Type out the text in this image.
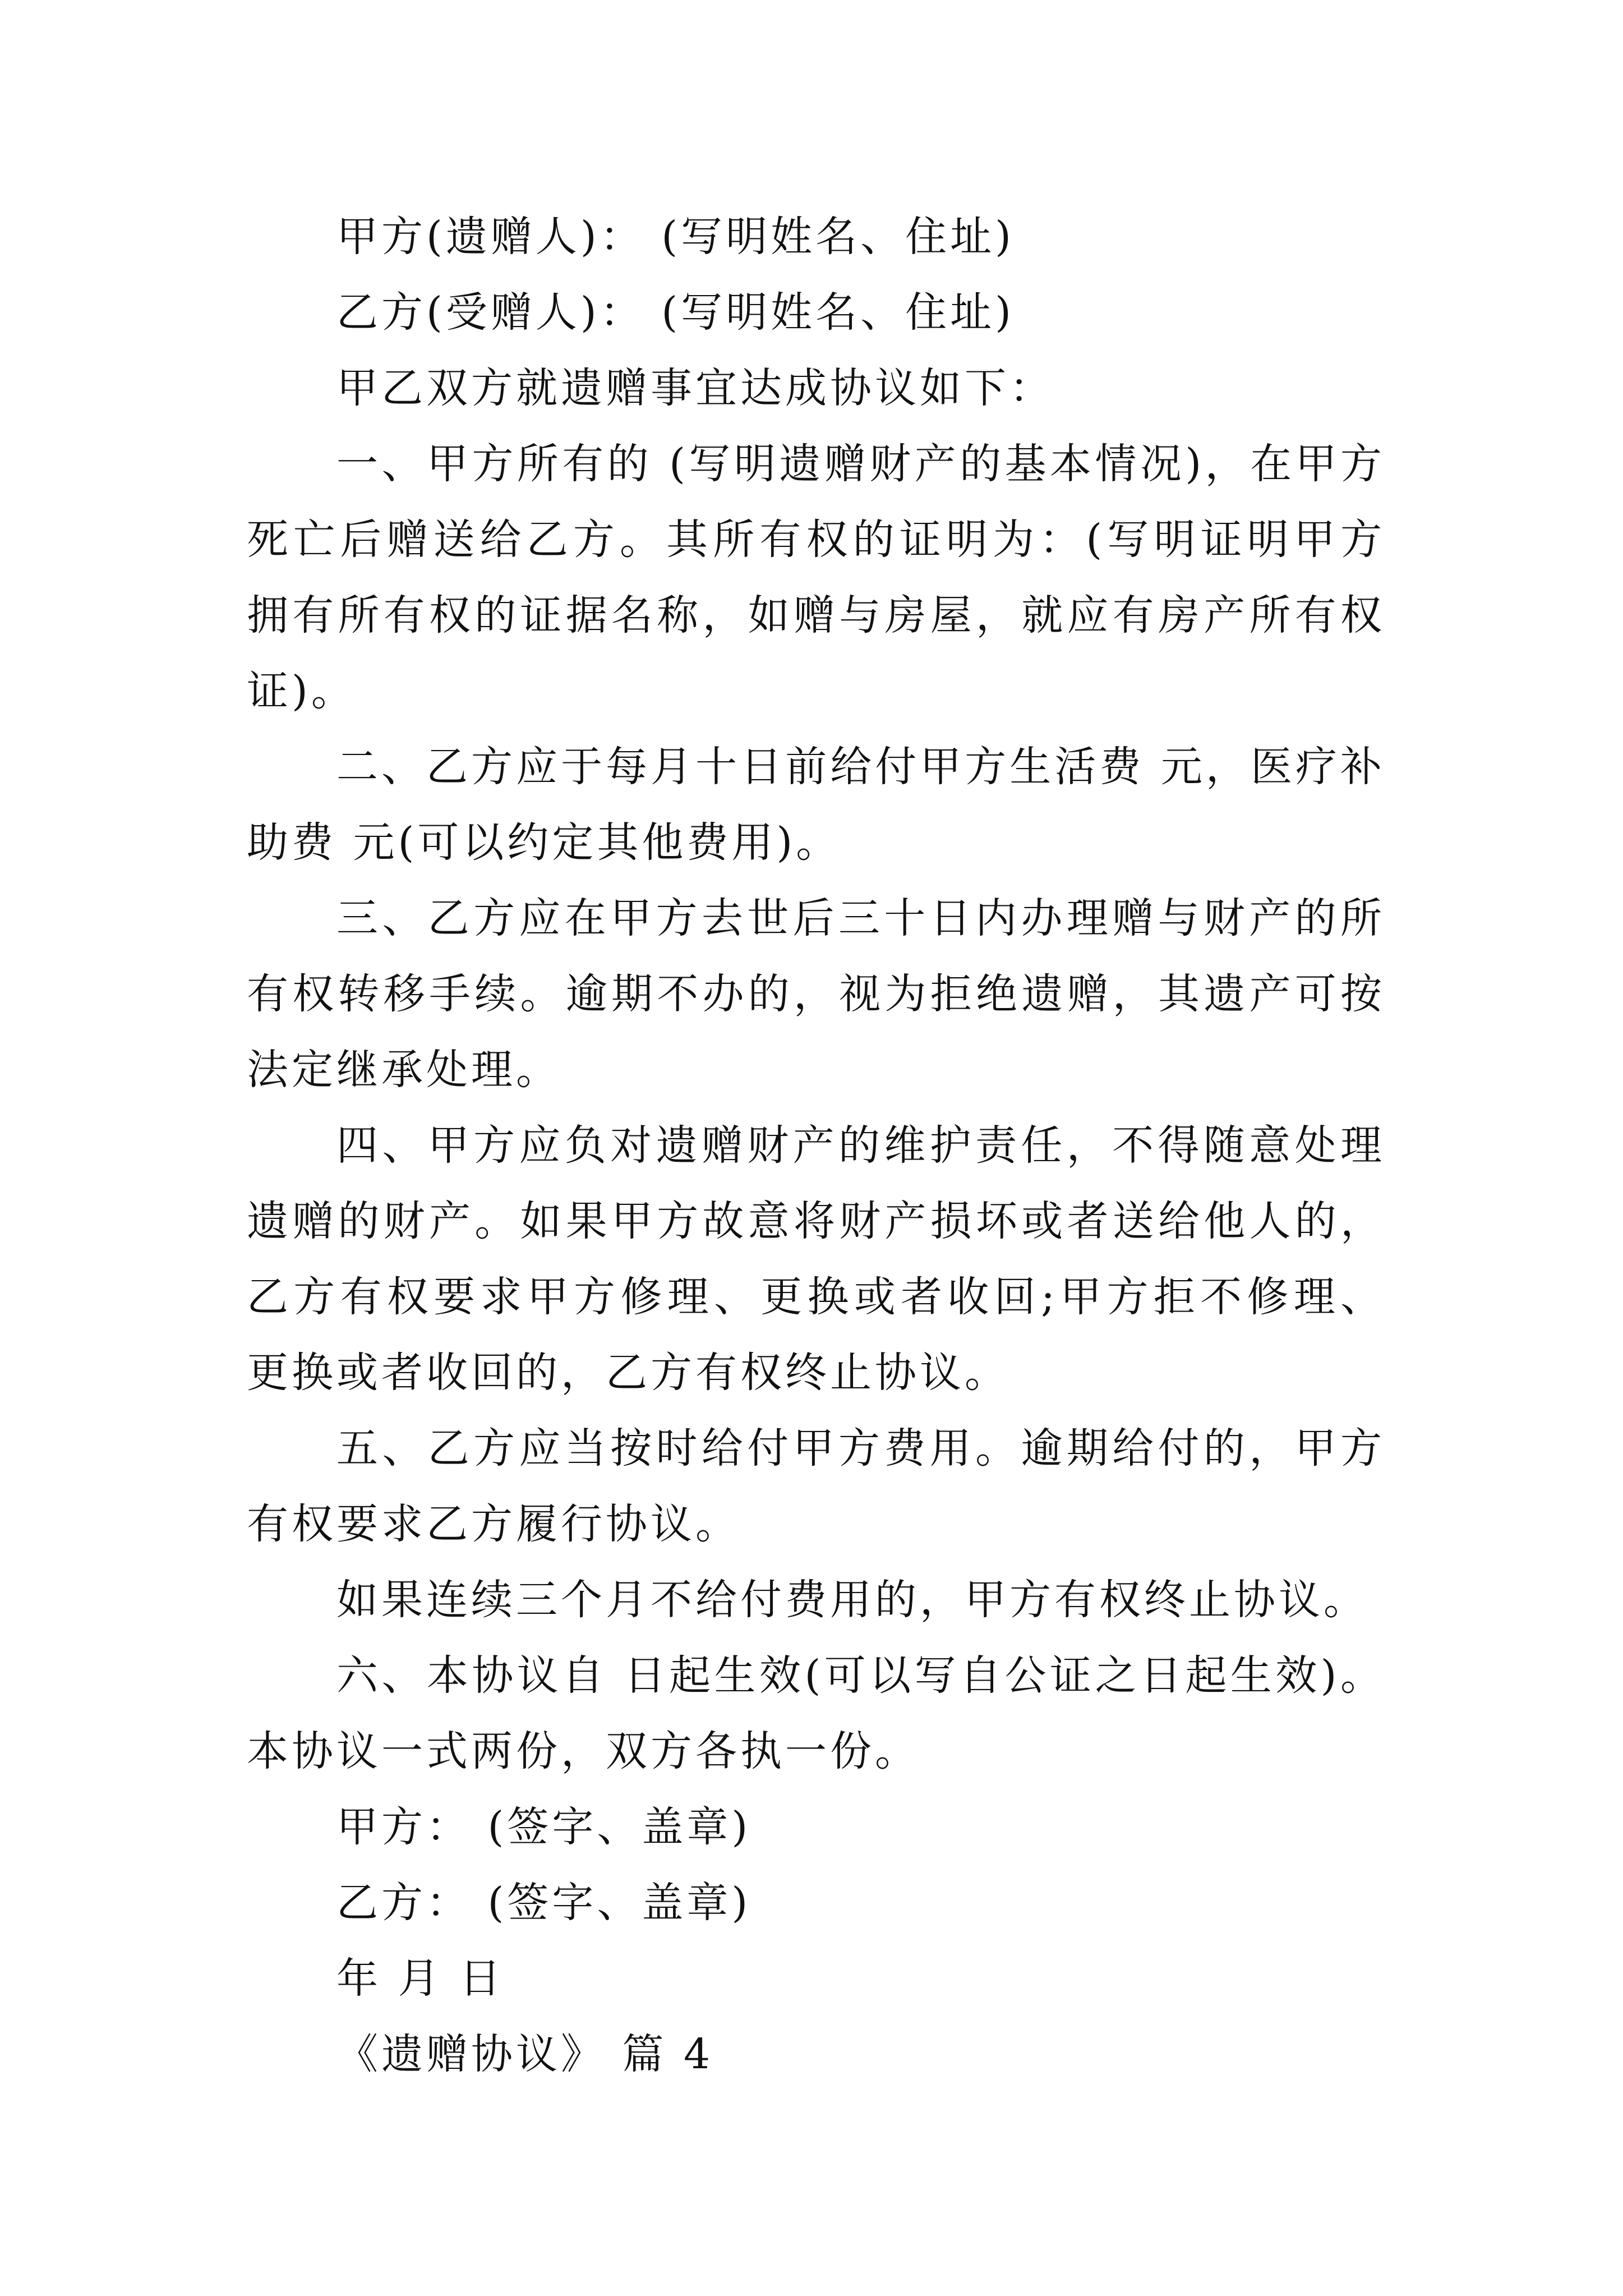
甲方(遗赠人)： (写明姓名、住址)

乙方(受赠人)： (写明姓名、住址)

甲乙双方就遗赠事宜达成协议如下：

一、甲方所有的 (写明遗赠财产的基本情况)，在甲方死亡后赠送给乙方。其所有权的证明为：(写明证明甲方拥有所有权的证据名称，如赠与房屋，就应有房产所有权证)。

二、乙方应于每月十日前给付甲方生活费 元，医疗补助费 元(可以约定其他费用)。

三、乙方应在甲方去世后三十日内办理赠与财产的所有权转移手续。逾期不办的，视为拒绝遗赠，其遗产可按法定继承处理。

四、甲方应负对遗赠财产的维护责任，不得随意处理遗赠的财产。如果甲方故意将财产损坏或者送给他人的，乙方有权要求甲方修理、更换或者收回;甲方拒不修理、更换或者收回的，乙方有权终止协议。

五、乙方应当按时给付甲方费用。逾期给付的，甲方有权要求乙方履行协议。

如果连续三个月不给付费用的，甲方有权终止协议。

六、本协议自 日起生效(可以写自公证之日起生效)。本协议一式两份，双方各执一份。

甲方： (签字、盖章)

乙方： (签字、盖章)

年 月 日

《遗赠协议》 篇 4
